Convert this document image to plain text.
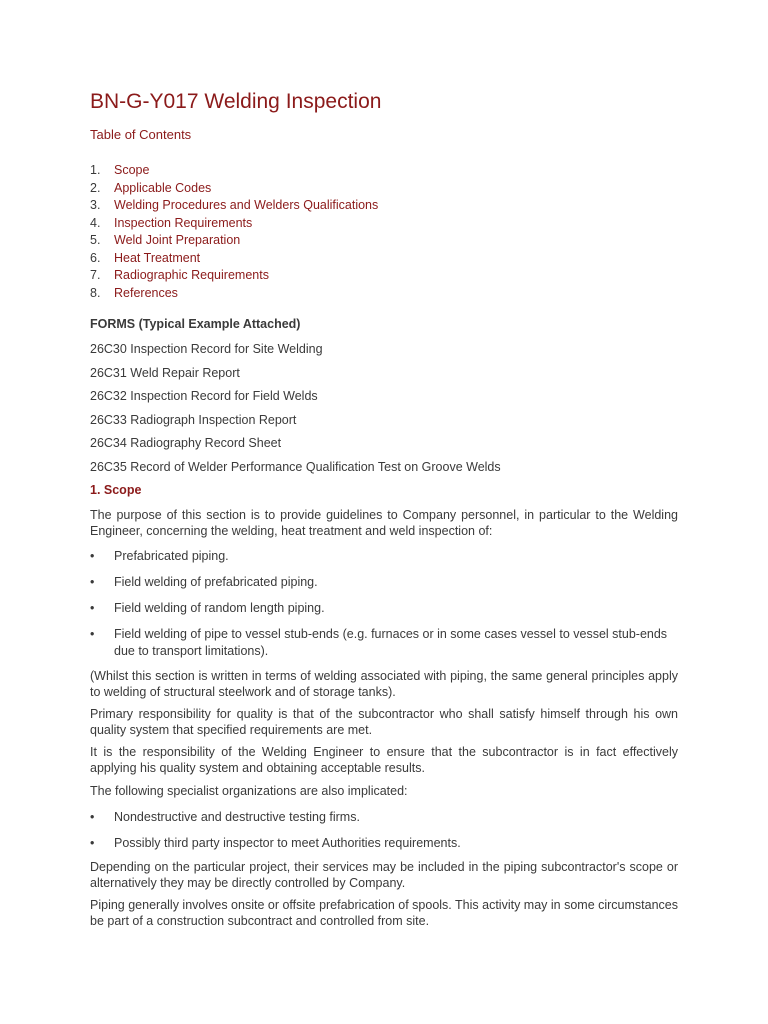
BN-G-Y017 Welding Inspection
Table of Contents
1. Scope
2. Applicable Codes
3. Welding Procedures and Welders Qualifications
4. Inspection Requirements
5. Weld Joint Preparation
6. Heat Treatment
7. Radiographic Requirements
8. References
FORMS (Typical Example Attached)
26C30 Inspection Record for Site Welding
26C31 Weld Repair Report
26C32 Inspection Record for Field Welds
26C33 Radiograph Inspection Report
26C34 Radiography Record Sheet
26C35 Record of Welder Performance Qualification Test on Groove Welds
1. Scope

The purpose of this section is to provide guidelines to Company personnel, in particular to the Welding Engineer, concerning the welding, heat treatment and weld inspection of:

• Prefabricated piping.
• Field welding of prefabricated piping.
• Field welding of random length piping.
• Field welding of pipe to vessel stub-ends (e.g. furnaces or in some cases vessel to vessel stub-ends due to transport limitations).

(Whilst this section is written in terms of welding associated with piping, the same general principles apply to welding of structural steelwork and of storage tanks).

Primary responsibility for quality is that of the subcontractor who shall satisfy himself through his own quality system that specified requirements are met.

It is the responsibility of the Welding Engineer to ensure that the subcontractor is in fact effectively applying his quality system and obtaining acceptable results.

The following specialist organizations are also implicated:

• Nondestructive and destructive testing firms.
• Possibly third party inspector to meet Authorities requirements.

Depending on the particular project, their services may be included in the piping subcontractor's scope or alternatively they may be directly controlled by Company.

Piping generally involves onsite or offsite prefabrication of spools. This activity may in some circumstances be part of a construction subcontract and controlled from site.
